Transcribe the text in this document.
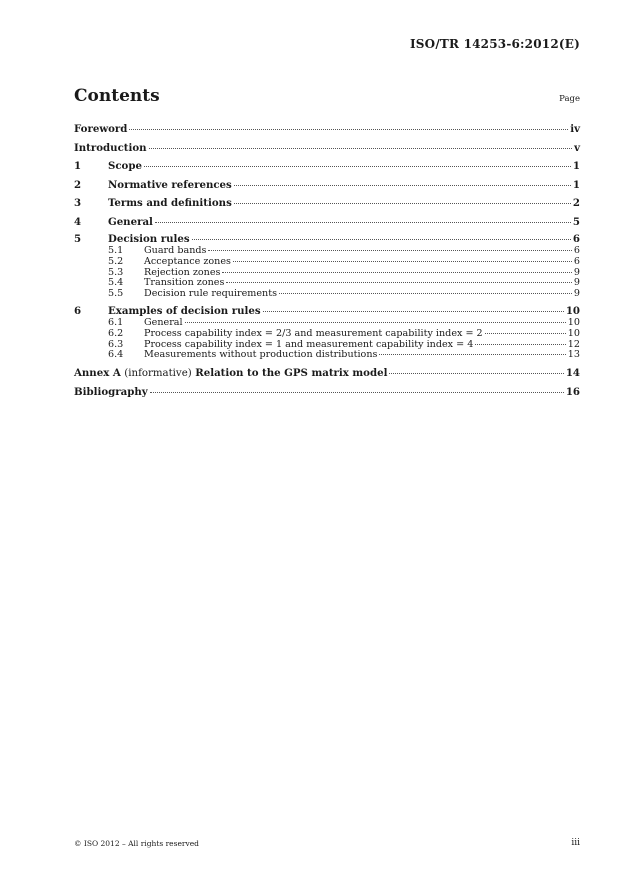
ISO/TR 14253-6:2012(E)
Contents	Page
Foreword	iv
Introduction	v
1	Scope	1
2	Normative references	1
3	Terms and definitions	2
4	General	5
5	Decision rules	6
5.1 Guard bands	6
5.2 Acceptance zones	6
5.3 Rejection zones	9
5.4 Transition zones	9
5.5 Decision rule requirements	9
6	Examples of decision rules	10
6.1 General	10
6.2 Process capability index = 2/3 and measurement capability index = 2	10
6.3 Process capability index = 1 and measurement capability index = 4	12
6.4 Measurements without production distributions	13
Annex A (informative) Relation to the GPS matrix model	14
Bibliography	16
© ISO 2012 – All rights reserved	iii
